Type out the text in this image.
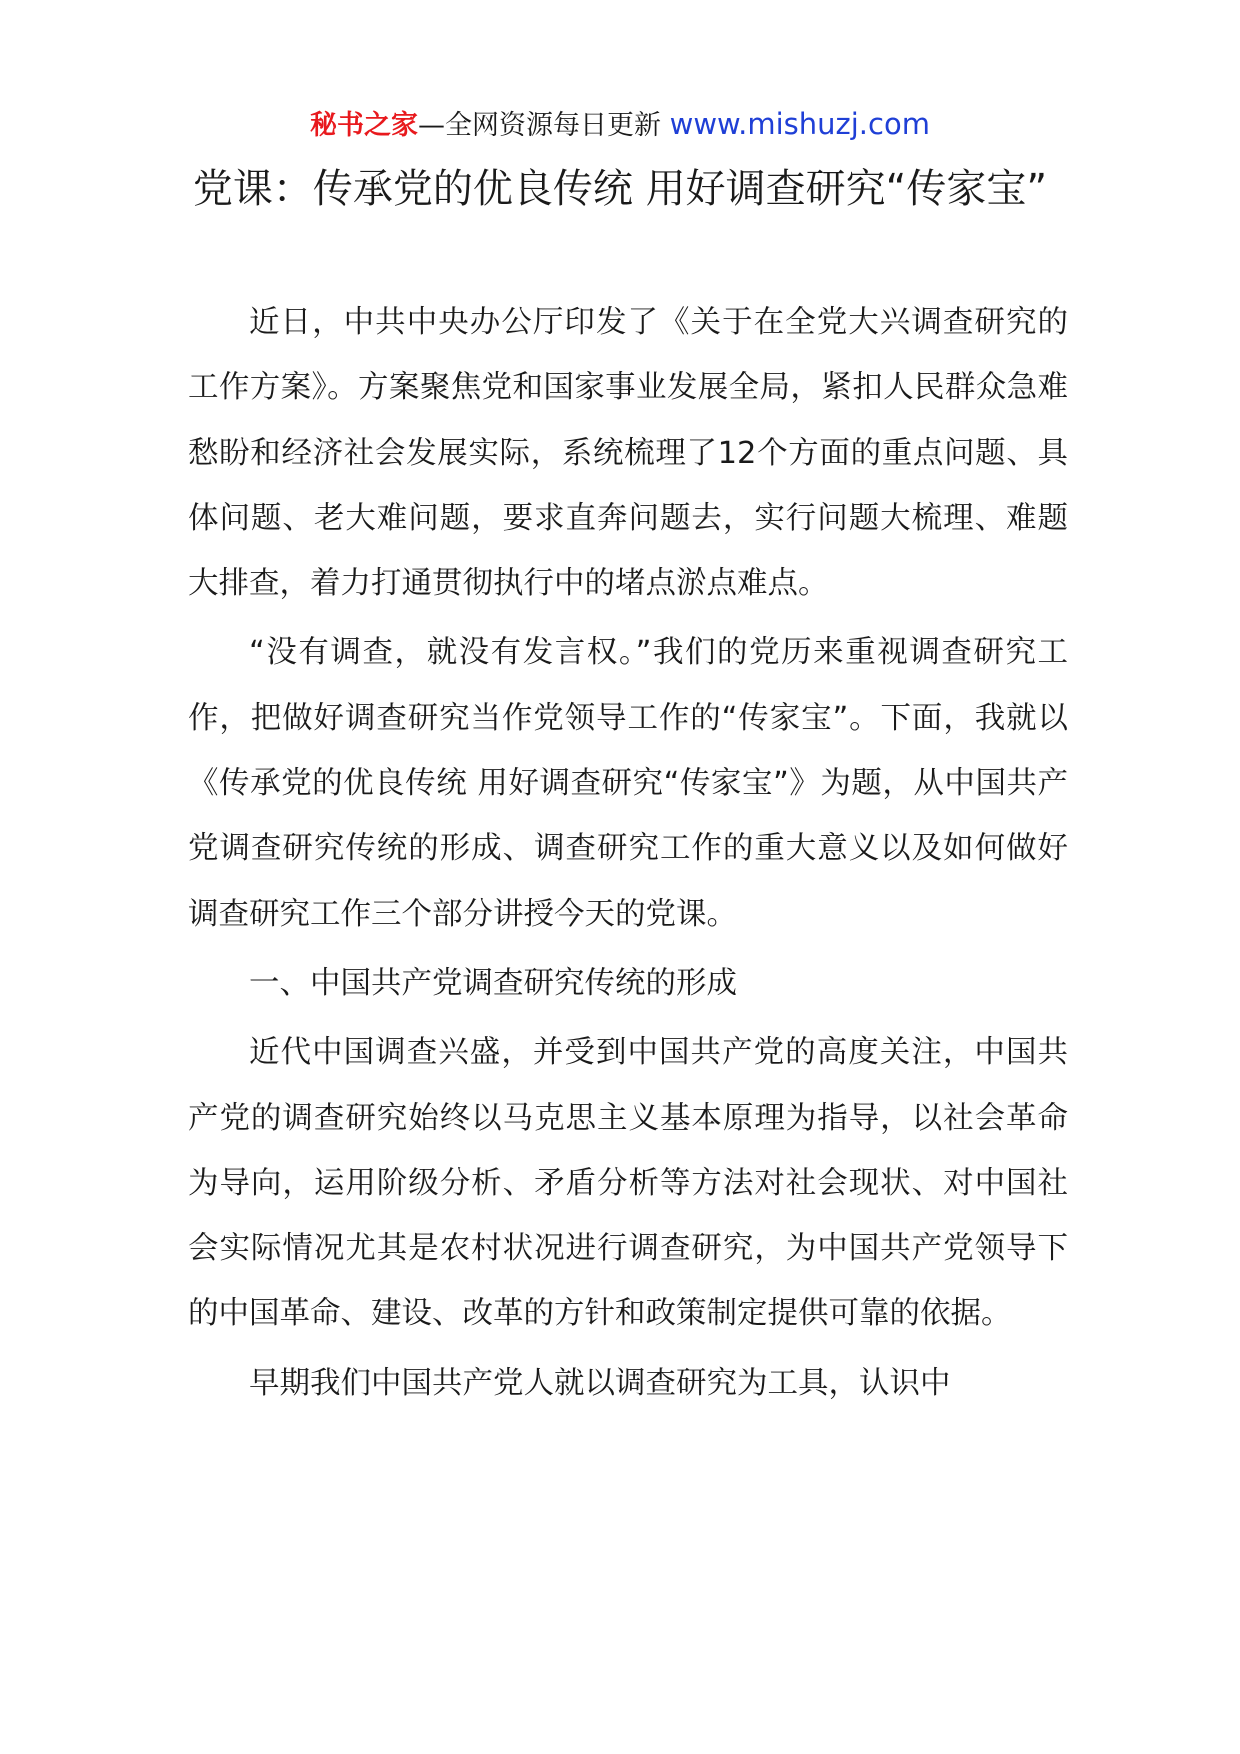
秘书之家—全网资源每日更新 www.mishuzj.com
党课：传承党的优良传统 用好调查研究“传家宝”

近日，中共中央办公厅印发了《关于在全党大兴调查研究的工作方案》。方案聚焦党和国家事业发展全局，紧扣人民群众急难愁盼和经济社会发展实际，系统梳理了12个方面的重点问题、具体问题、老大难问题，要求直奔问题去，实行问题大梳理、难题大排查，着力打通贯彻执行中的堵点淤点难点。

“没有调查，就没有发言权。”我们的党历来重视调查研究工作，把做好调查研究当作党领导工作的“传家宝”。下面，我就以《传承党的优良传统 用好调查研究“传家宝”》为题，从中国共产党调查研究传统的形成、调查研究工作的重大意义以及如何做好调查研究工作三个部分讲授今天的党课。

一、中国共产党调查研究传统的形成

近代中国调查兴盛，并受到中国共产党的高度关注，中国共产党的调查研究始终以马克思主义基本原理为指导，以社会革命为导向，运用阶级分析、矛盾分析等方法对社会现状、对中国社会实际情况尤其是农村状况进行调查研究，为中国共产党领导下的中国革命、建设、改革的方针和政策制定提供可靠的依据。

早期我们中国共产党人就以调查研究为工具，认识中
